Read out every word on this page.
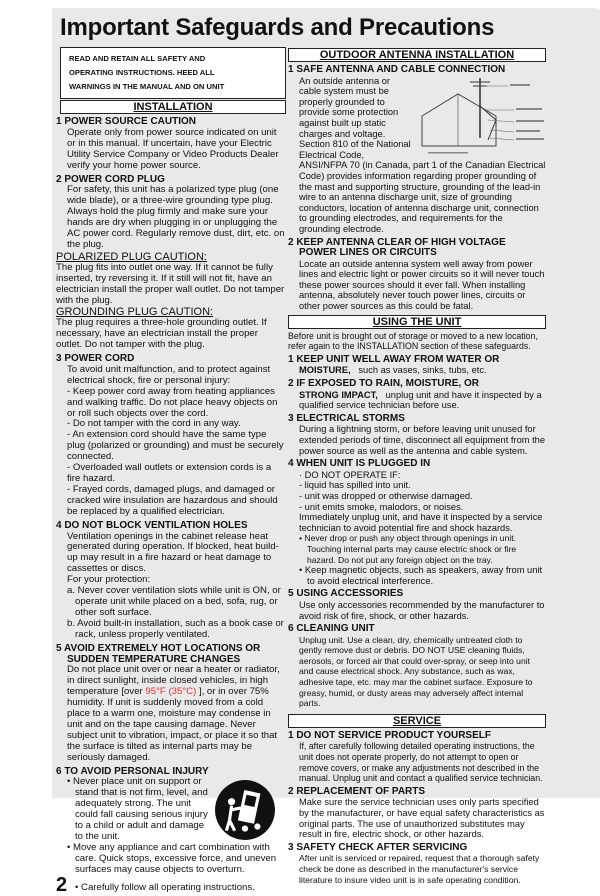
Important Safeguards and Precautions
READ AND RETAIN ALL SAFETY AND
OPERATING INSTRUCTIONS. HEED ALL
WARNINGS IN THE MANUAL AND ON UNIT
INSTALLATION
1 POWER SOURCE CAUTION
Operate only from power source indicated on unit or in this manual. If uncertain, have your Electric Utility Service Company or Video Products Dealer verify your home power source.
2 POWER CORD PLUG
For safety, this unit has a polarized type plug (one wide blade), or a three-wire grounding type plug. Always hold the plug firmly and make sure your hands are dry when plugging in or unplugging the AC power cord. Regularly remove dust, dirt, etc. on the plug.
POLARIZED PLUG CAUTION:
The plug fits into outlet one way. If it cannot be fully inserted, try reversing it. If it still will not fit, have an electrician install the proper wall outlet. Do not tamper with the plug.
GROUNDING PLUG CAUTION:
The plug requires a three-hole grounding outlet. If necessary, have an electrician install the proper outlet. Do not tamper with the plug.
3 POWER CORD
To avoid unit malfunction, and to protect against electrical shock, fire or personal injury:
- Keep power cord away from heating appliances and walking traffic. Do not place heavy objects on or roll such objects over the cord.
- Do not tamper with the cord in any way.
- An extension cord should have the same type plug (polarized or grounding) and must be securely connected.
- Overloaded wall outlets or extension cords is a fire hazard.
- Frayed cords, damaged plugs, and damaged or cracked wire insulation are hazardous and should be replaced by a qualified electrician.
4 DO NOT BLOCK VENTILATION HOLES
Ventilation openings in the cabinet release heat generated during operation. If blocked, heat build-up may result in a fire hazard or heat damage to cassettes or discs.
For your protection:
a. Never cover ventilation slots while unit is ON, or operate unit while placed on a bed, sofa, rug, or other soft surface.
b. Avoid built-in installation, such as a book case or rack, unless properly ventilated.
5 AVOID EXTREMELY HOT LOCATIONS OR
SUDDEN TEMPERATURE CHANGES
Do not place unit over or near a heater or radiator, in direct sunlight, inside closed vehicles, in high temperature [over 95°F (35°C) ], or in over 75% humidity. If unit is suddenly moved from a cold place to a warm one, moisture may condense in unit and on the tape causing damage. Never subject unit to vibration, impact, or place it so that the surface is tilted as internal parts may be seriously damaged.
6 TO AVOID PERSONAL INJURY
• Never place unit on support or stand that is not firm, level, and adequately strong. The unit could fall causing serious injury to a child or adult and damage to the unit.
• Move any appliance and cart combination with care. Quick stops, excessive force, and uneven surfaces may cause objects to overturn.
2 • Carefully follow all operating instructions.
OUTDOOR ANTENNA INSTALLATION
1 SAFE ANTENNA AND CABLE CONNECTION
An outside antenna or cable system must be properly grounded to provide some protection against built up static charges and voltage. Section 810 of the National Electrical Code, ANSI/NFPA 70 (in Canada, part 1 of the Canadian Electrical Code) provides information regarding proper grounding of the mast and supporting structure, grounding of the lead-in wire to an antenna discharge unit, size of grounding conductors, location of antenna discharge unit, connection to grounding electrodes, and requirements for the grounding electrode.
2 KEEP ANTENNA CLEAR OF HIGH VOLTAGE
POWER LINES OR CIRCUITS
Locate an outside antenna system well away from power lines and electric light or power circuits so it will never touch these power sources should it ever fall. When installing antenna, absolutely never touch power lines, circuits or other power sources as this could be fatal.
USING THE UNIT
Before unit is brought out of storage or moved to a new location, refer again to the INSTALLATION section of these safeguards.
1 KEEP UNIT WELL AWAY FROM WATER OR
MOISTURE, such as vases, sinks, tubs, etc.
2 IF EXPOSED TO RAIN, MOISTURE, OR
STRONG IMPACT, unplug unit and have it inspected by a qualified service technician before use.
3 ELECTRICAL STORMS
During a lightning storm, or before leaving unit unused for extended periods of time, disconnect all equipment from the power source as well as the antenna and cable system.
4 WHEN UNIT IS PLUGGED IN
· DO NOT OPERATE IF:
- liquid has spilled into unit.
- unit was dropped or otherwise damaged.
- unit emits smoke, malodors, or noises.
Immediately unplug unit, and have it inspected by a service technician to avoid potential fire and shock hazards.
• Never drop or push any object through openings in unit. Touching internal parts may cause electric shock or fire hazard. Do not put any foreign object on the tray.
• Keep magnetic objects, such as speakers, away from unit to avoid electrical interference.
5 USING ACCESSORIES
Use only accessories recommended by the manufacturer to avoid risk of fire, shock, or other hazards.
6 CLEANING UNIT
Unplug unit. Use a clean, dry, chemically untreated cloth to gently remove dust or debris. DO NOT USE cleaning fluids, aerosols, or forced air that could over-spray, or seep into unit and cause electrical shock. Any substance, such as wax, adhesive tape, etc. may mar the cabinet surface. Exposure to greasy, humid, or dusty areas may adversely affect internal parts.
SERVICE
1 DO NOT SERVICE PRODUCT YOURSELF
If, after carefully following detailed operating instructions, the unit does not operate properly, do not attempt to open or remove covers, or make any adjustments not described in the manual. Unplug unit and contact a qualified service technician.
2 REPLACEMENT OF PARTS
Make sure the service technician uses only parts specified by the manufacturer, or have equal safety characteristics as original parts. The use of unauthorized substitutes may result in fire, electric shock, or other hazards.
3 SAFETY CHECK AFTER SERVICING
After unit is serviced or repaired, request that a thorough safety check be done as described in the manufacturer's service literature to insure video unit is in safe operating condition.
